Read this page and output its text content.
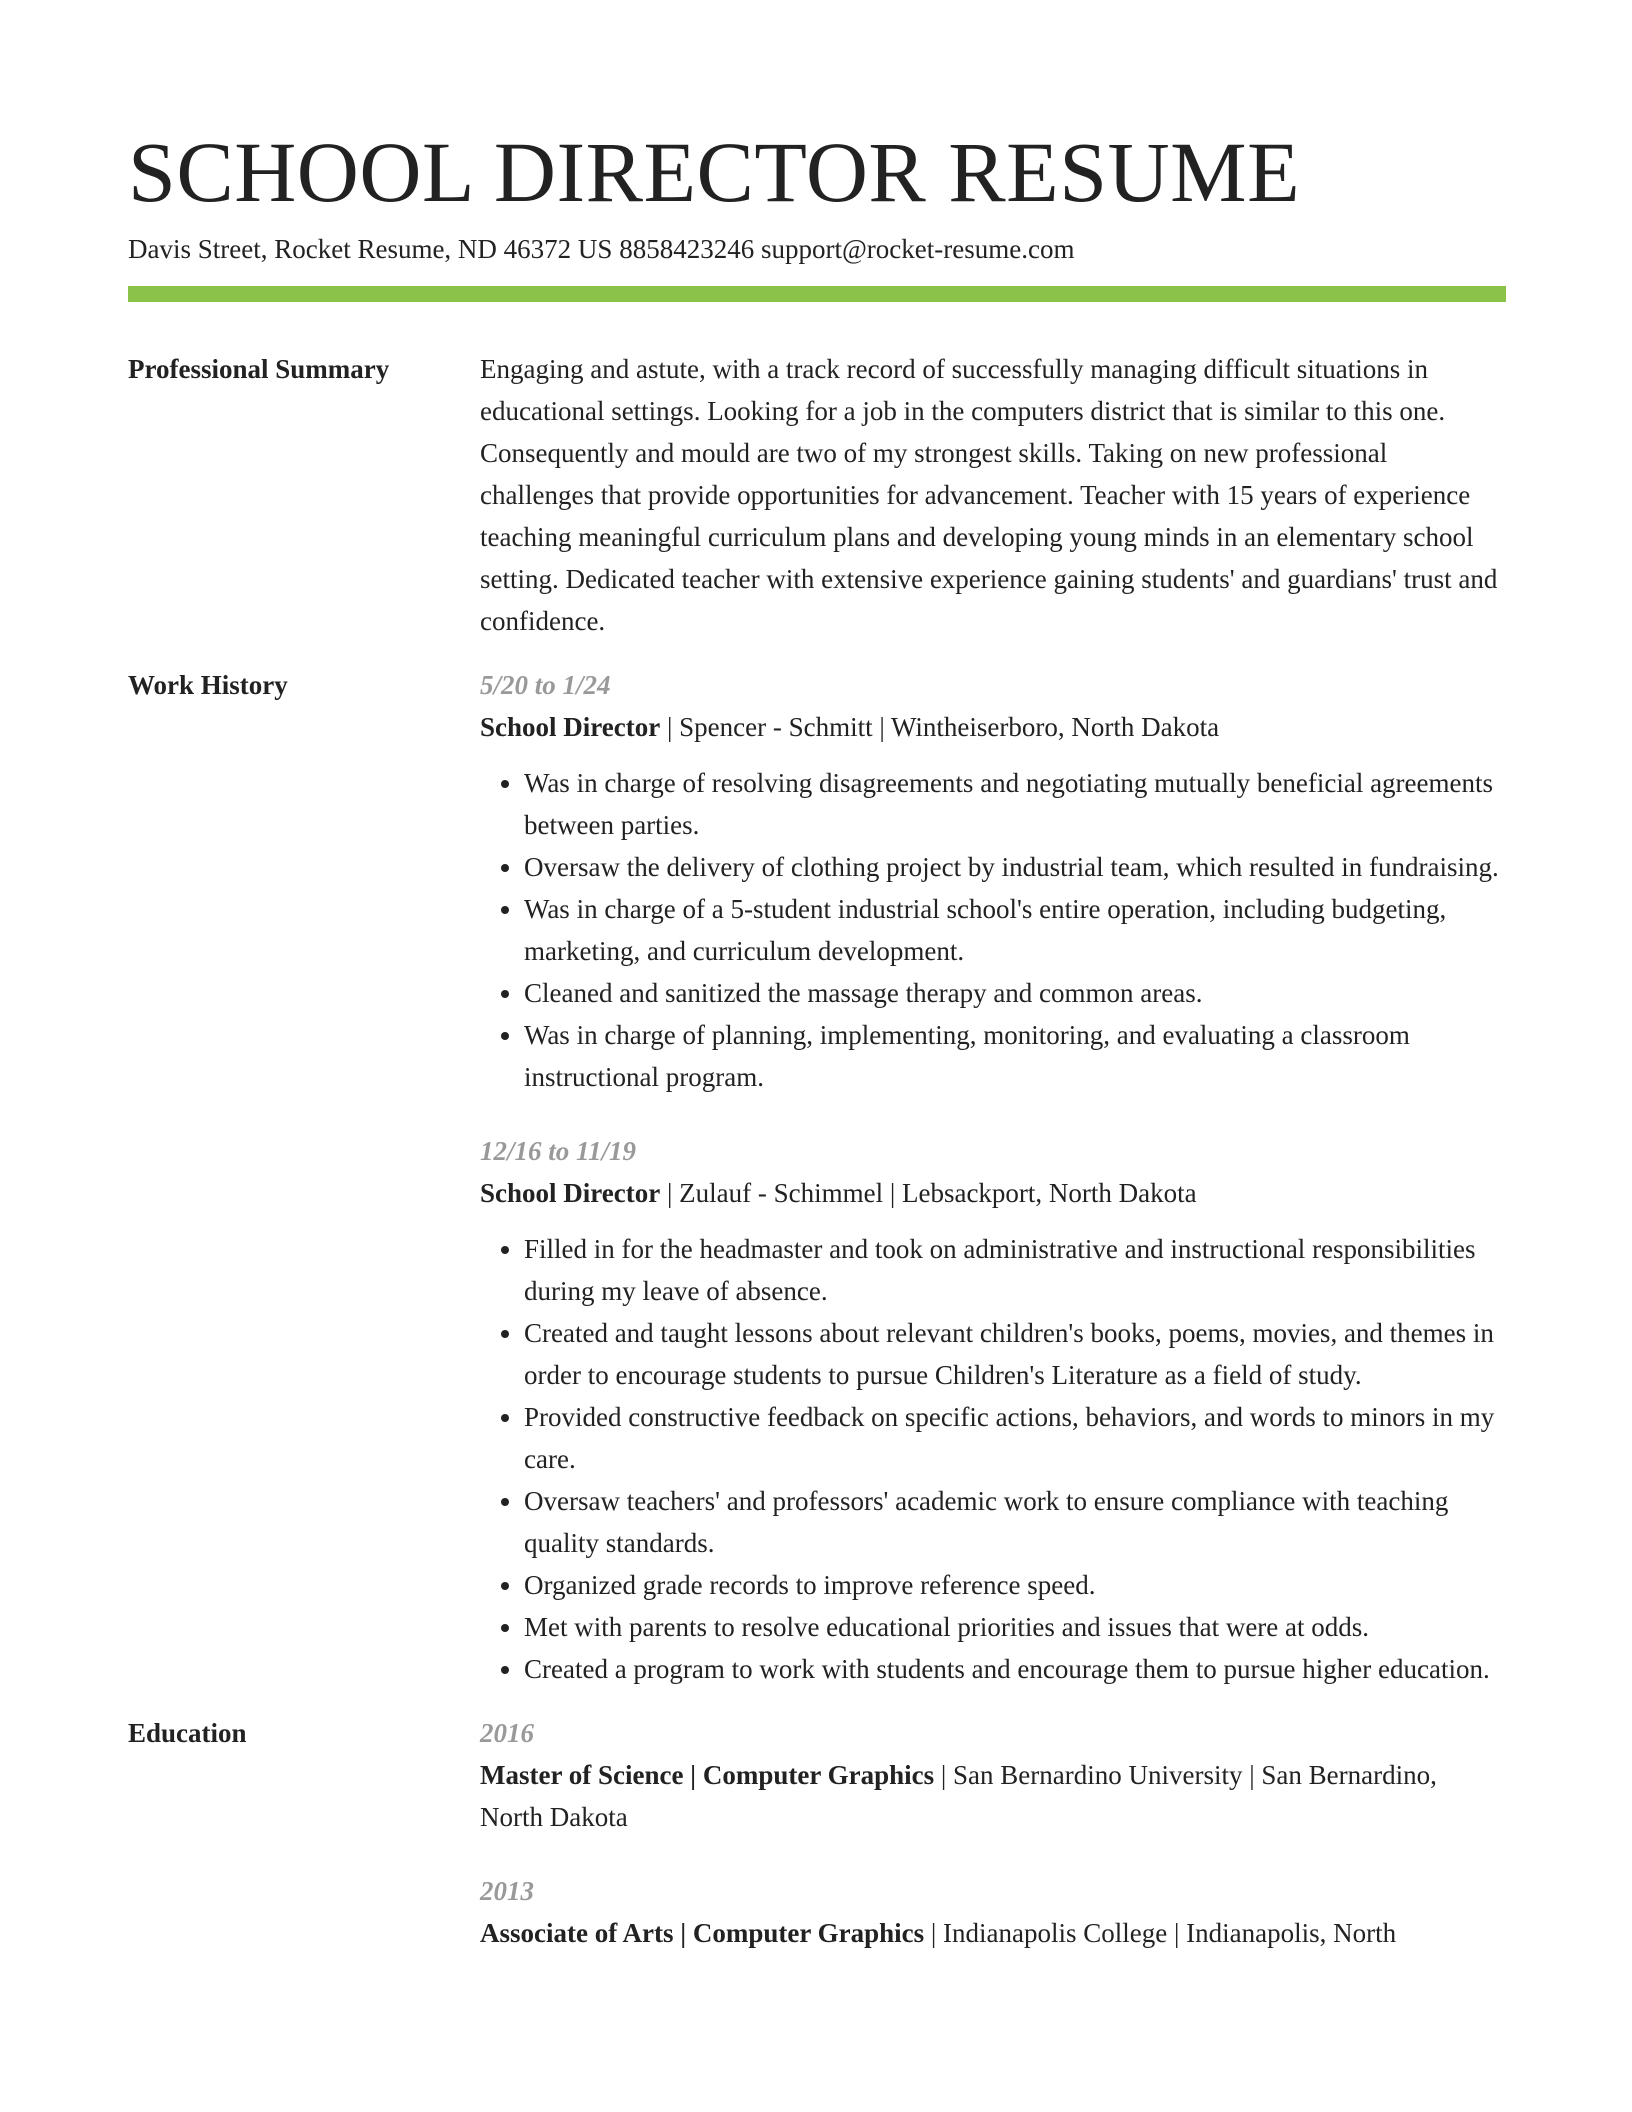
SCHOOL DIRECTOR RESUME
Davis Street, Rocket Resume, ND 46372 US 8858423246 support@rocket-resume.com
Professional Summary	Engaging and astute, with a track record of successfully managing difficult situations in educational settings. Looking for a job in the computers district that is similar to this one. Consequently and mould are two of my strongest skills. Taking on new professional challenges that provide opportunities for advancement. Teacher with 15 years of experience teaching meaningful curriculum plans and developing young minds in an elementary school setting. Dedicated teacher with extensive experience gaining students' and guardians' trust and confidence.

Work History	5/20 to 1/24
School Director | Spencer - Schmitt | Wintheiserboro, North Dakota
• Was in charge of resolving disagreements and negotiating mutually beneficial agreements between parties.
• Oversaw the delivery of clothing project by industrial team, which resulted in fundraising.
• Was in charge of a 5-student industrial school's entire operation, including budgeting, marketing, and curriculum development.
• Cleaned and sanitized the massage therapy and common areas.
• Was in charge of planning, implementing, monitoring, and evaluating a classroom instructional program.
12/16 to 11/19
School Director | Zulauf - Schimmel | Lebsackport, North Dakota
• Filled in for the headmaster and took on administrative and instructional responsibilities during my leave of absence.
• Created and taught lessons about relevant children's books, poems, movies, and themes in order to encourage students to pursue Children's Literature as a field of study.
• Provided constructive feedback on specific actions, behaviors, and words to minors in my care.
• Oversaw teachers' and professors' academic work to ensure compliance with teaching quality standards.
• Organized grade records to improve reference speed.
• Met with parents to resolve educational priorities and issues that were at odds.
• Created a program to work with students and encourage them to pursue higher education.
Education	2016
Master of Science | Computer Graphics | San Bernardino University | San Bernardino, North Dakota
2013
Associate of Arts | Computer Graphics | Indianapolis College | Indianapolis, North
